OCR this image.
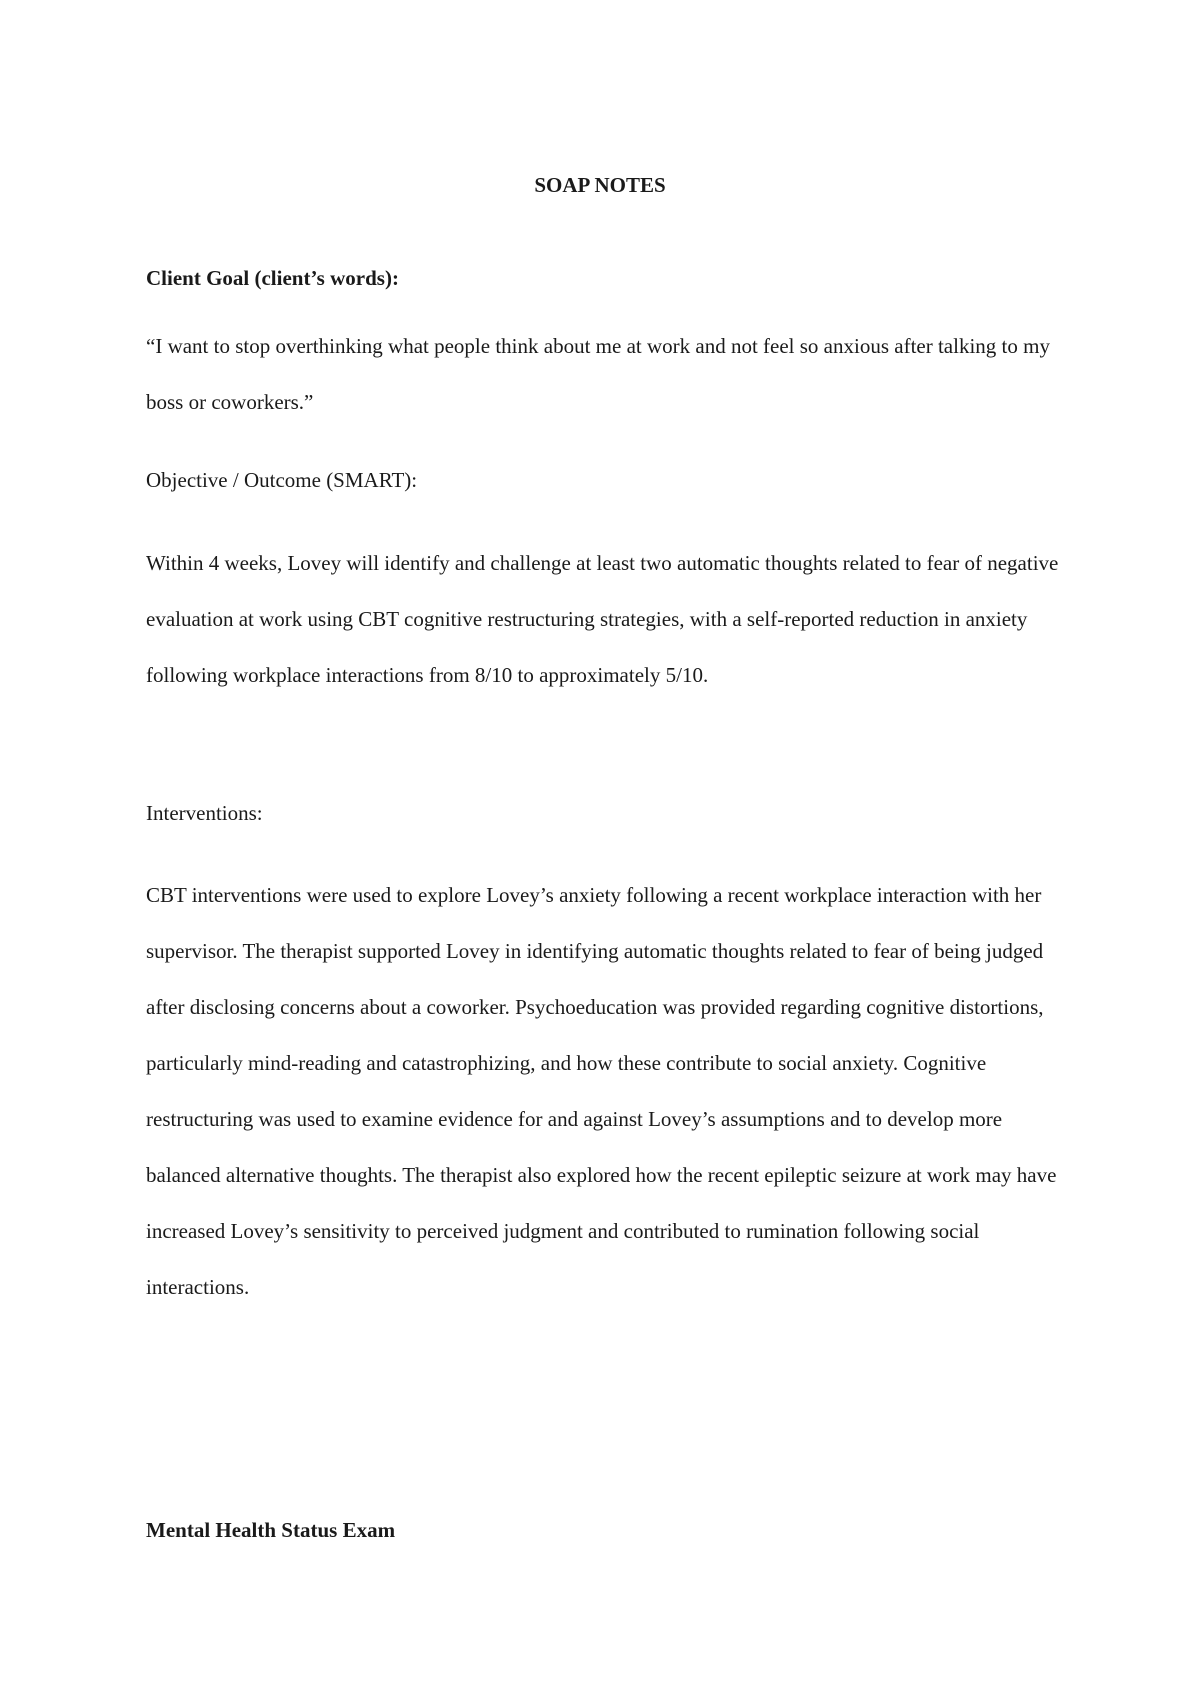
SOAP NOTES
Client Goal (client’s words):

“I want to stop overthinking what people think about me at work and not feel so anxious after talking to my boss or coworkers.”

Objective / Outcome (SMART):

Within 4 weeks, Lovey will identify and challenge at least two automatic thoughts related to fear of negative evaluation at work using CBT cognitive restructuring strategies, with a self-reported reduction in anxiety following workplace interactions from 8/10 to approximately 5/10.

Interventions:

CBT interventions were used to explore Lovey’s anxiety following a recent workplace interaction with her supervisor. The therapist supported Lovey in identifying automatic thoughts related to fear of being judged after disclosing concerns about a coworker. Psychoeducation was provided regarding cognitive distortions, particularly mind-reading and catastrophizing, and how these contribute to social anxiety. Cognitive restructuring was used to examine evidence for and against Lovey’s assumptions and to develop more balanced alternative thoughts. The therapist also explored how the recent epileptic seizure at work may have increased Lovey’s sensitivity to perceived judgment and contributed to rumination following social interactions.

Mental Health Status Exam
